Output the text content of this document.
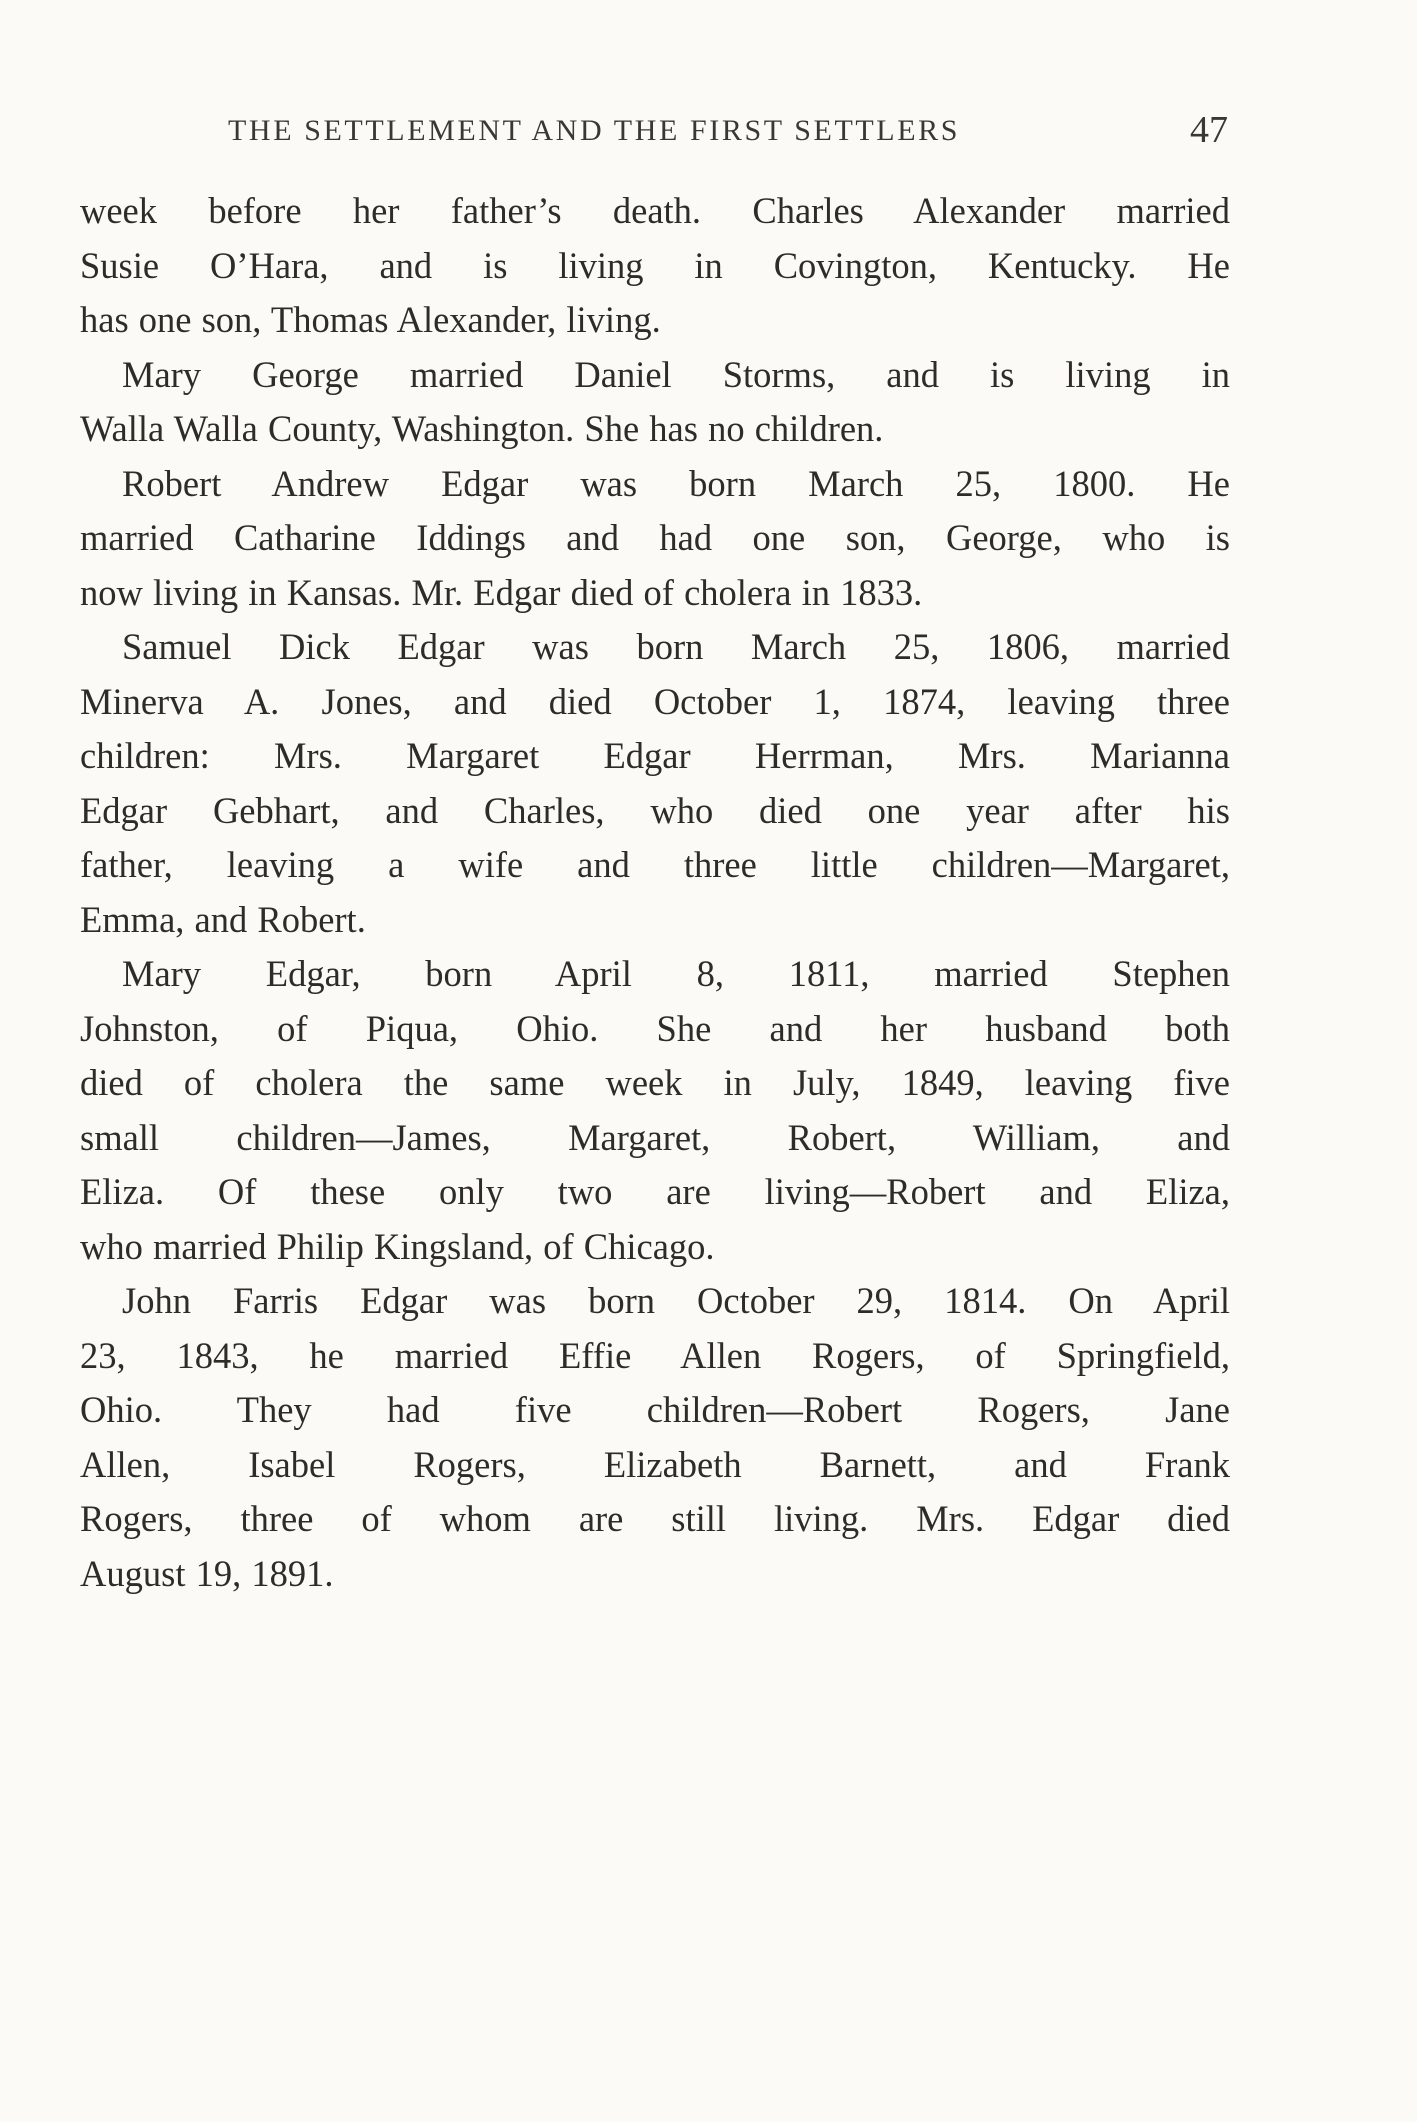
THE SETTLEMENT AND THE FIRST SETTLERS	47
week before her father’s death. Charles Alexander married
Susie O’Hara, and is living in Covington, Kentucky. He
has one son, Thomas Alexander, living.
Mary George married Daniel Storms, and is living in
Walla Walla County, Washington. She has no children.
Robert Andrew Edgar was born March 25, 1800. He
married Catharine Iddings and had one son, George, who is
now living in Kansas. Mr. Edgar died of cholera in 1833.
Samuel Dick Edgar was born March 25, 1806, married
Minerva A. Jones, and died October 1, 1874, leaving three
children: Mrs. Margaret Edgar Herrman, Mrs. Marianna
Edgar Gebhart, and Charles, who died one year after his
father, leaving a wife and three little children—Margaret,
Emma, and Robert.
Mary Edgar, born April 8, 1811, married Stephen
Johnston, of Piqua, Ohio. She and her husband both
died of cholera the same week in July, 1849, leaving five
small children—James, Margaret, Robert, William, and
Eliza. Of these only two are living—Robert and Eliza,
who married Philip Kingsland, of Chicago.
John Farris Edgar was born October 29, 1814. On April
23, 1843, he married Effie Allen Rogers, of Springfield,
Ohio. They had five children—Robert Rogers, Jane
Allen, Isabel Rogers, Elizabeth Barnett, and Frank
Rogers, three of whom are still living. Mrs. Edgar died
August 19, 1891.
